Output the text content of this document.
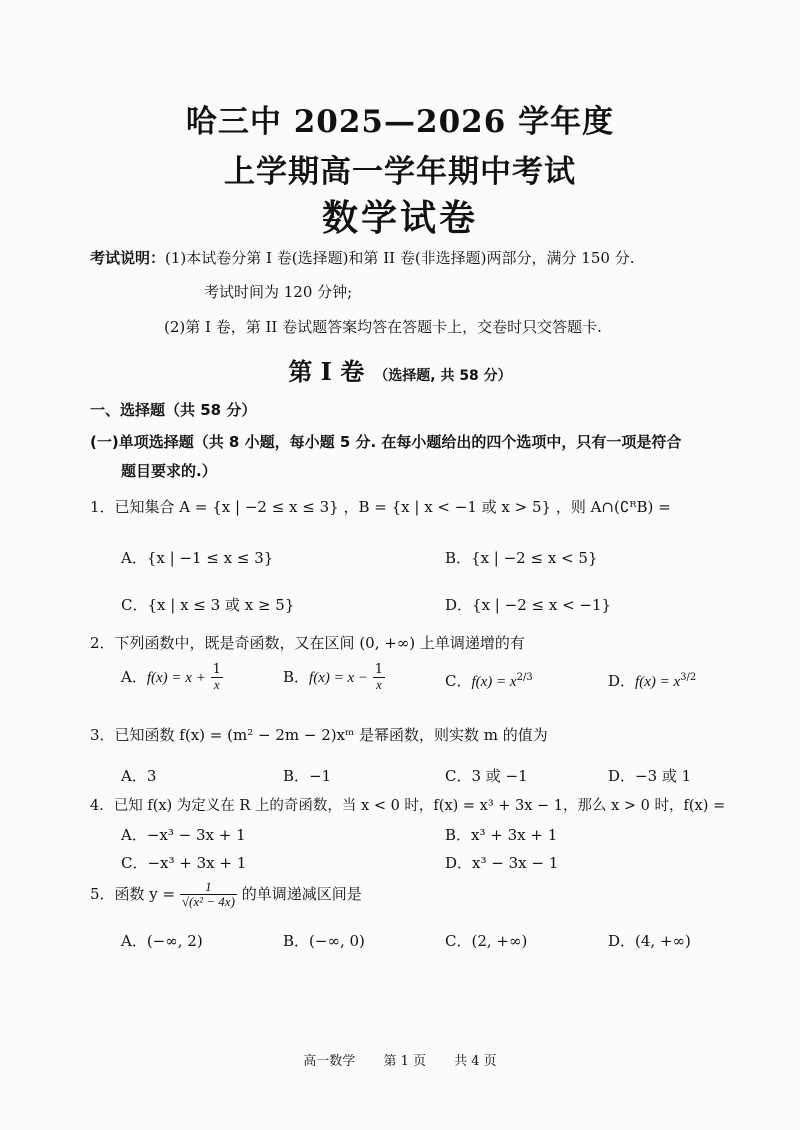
哈三中 2025—2026 学年度
上学期高一学年期中考试
数学试卷
考试说明：(1)本试卷分第 I 卷(选择题)和第 II 卷(非选择题)两部分，满分 150 分.
考试时间为 120 分钟;
(2)第 I 卷，第 II 卷试题答案均答在答题卡上，交卷时只交答题卡.
第 I 卷 （选择题, 共 58 分）
一、选择题（共 58 分）
(一)单项选择题（共 8 小题，每小题 5 分. 在每小题给出的四个选项中，只有一项是符合
题目要求的.）
1．已知集合 A = {x | −2 ≤ x ≤ 3} ，B = {x | x < −1 或 x > 5} ，则 A∩(∁ᴿB) =
A．{x | −1 ≤ x ≤ 3}	B．{x | −2 ≤ x < 5}
C．{x | x ≤ 3 或 x ≥ 5}	D．{x | −2 ≤ x < −1}
2．下列函数中，既是奇函数，又在区间 (0, +∞) 上单调递增的有
A．$f(x) = x + \frac{1}{x}$	B．$f(x) = x - \frac{1}{x}$	C．$f(x) = x^{2/3}$	D．$f(x) = x^{3/2}$
3．已知函数 f(x) = (m² − 2m − 2)xᵐ 是幂函数，则实数 m 的值为
A．3	B．−1	C．3 或 −1	D．−3 或 1
4．已知 f(x) 为定义在 R 上的奇函数，当 x < 0 时，f(x) = x³ + 3x − 1，那么 x > 0 时，f(x) =
A．−x³ − 3x + 1	B．x³ + 3x + 1
C．−x³ + 3x + 1	D．x³ − 3x − 1
5．函数 $y = \frac{1}{\text{√(x² − 4x)}}$ 的单调递减区间是
A．(−∞, 2)	B．(−∞, 0)	C．(2, +∞)	D．(4, +∞)
高一数学 第 1 页 共 4 页
